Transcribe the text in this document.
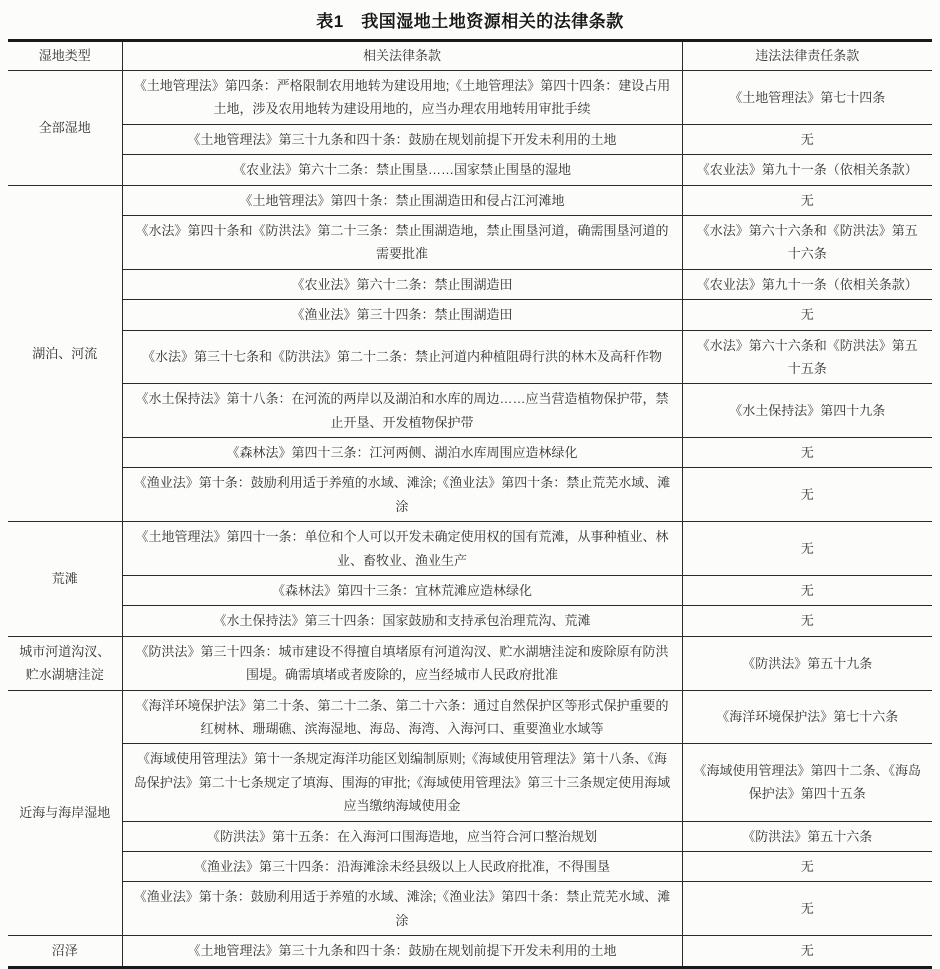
表1　我国湿地土地资源相关的法律条款
湿地类型	相关法律条款	违法法律责任条款
全部湿地	《土地管理法》第四条：严格限制农用地转为建设用地;《土地管理法》第四十四条：建设占用土地，涉及农用地转为建设用地的，应当办理农用地转用审批手续	《土地管理法》第七十四条
	《土地管理法》第三十九条和四十条：鼓励在规划前提下开发未利用的土地	无
	《农业法》第六十二条：禁止围垦……国家禁止围垦的湿地	《农业法》第九十一条（依相关条款）
湖泊、河流	《土地管理法》第四十条：禁止围湖造田和侵占江河滩地	无
	《水法》第四十条和《防洪法》第二十三条：禁止围湖造地，禁止围垦河道，确需围垦河道的需要批准	《水法》第六十六条和《防洪法》第五十六条
	《农业法》第六十二条：禁止围湖造田	《农业法》第九十一条（依相关条款）
	《渔业法》第三十四条：禁止围湖造田	无
	《水法》第三十七条和《防洪法》第二十二条：禁止河道内种植阻碍行洪的林木及高秆作物	《水法》第六十六条和《防洪法》第五十五条
	《水土保持法》第十八条：在河流的两岸以及湖泊和水库的周边……应当营造植物保护带，禁止开垦、开发植物保护带	《水土保持法》第四十九条
	《森林法》第四十三条：江河两侧、湖泊水库周围应造林绿化	无
	《渔业法》第十条：鼓励利用适于养殖的水域、滩涂;《渔业法》第四十条：禁止荒芜水域、滩涂	无
荒滩	《土地管理法》第四十一条：单位和个人可以开发未确定使用权的国有荒滩，从事种植业、林业、畜牧业、渔业生产	无
	《森林法》第四十三条：宜林荒滩应造林绿化	无
	《水土保持法》第三十四条：国家鼓励和支持承包治理荒沟、荒滩	无
城市河道沟汊、贮水湖塘洼淀	《防洪法》第三十四条：城市建设不得擅自填堵原有河道沟汊、贮水湖塘洼淀和废除原有防洪围堤。确需填堵或者废除的，应当经城市人民政府批准	《防洪法》第五十九条
近海与海岸湿地	《海洋环境保护法》第二十条、第二十二条、第二十六条：通过自然保护区等形式保护重要的红树林、珊瑚礁、滨海湿地、海岛、海湾、入海河口、重要渔业水域等	《海洋环境保护法》第七十六条
	《海域使用管理法》第十一条规定海洋功能区划编制原则;《海域使用管理法》第十八条、《海岛保护法》第二十七条规定了填海、围海的审批;《海域使用管理法》第三十三条规定使用海域应当缴纳海域使用金	《海域使用管理法》第四十二条、《海岛保护法》第四十五条
	《防洪法》第十五条：在入海河口围海造地，应当符合河口整治规划	《防洪法》第五十六条
	《渔业法》第三十四条：沿海滩涂未经县级以上人民政府批准，不得围垦	无
	《渔业法》第十条：鼓励利用适于养殖的水域、滩涂;《渔业法》第四十条：禁止荒芜水域、滩涂	无
沼泽	《土地管理法》第三十九条和四十条：鼓励在规划前提下开发未利用的土地	无
